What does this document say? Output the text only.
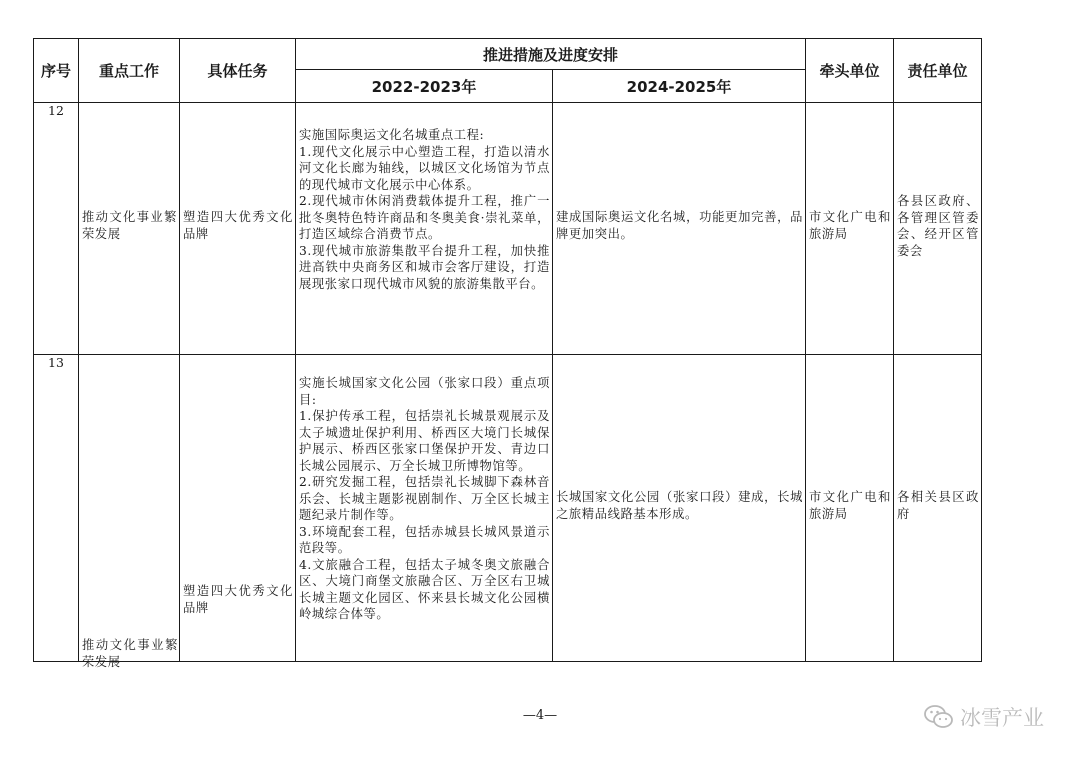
序号	重点工作	具体任务	推进措施及进度安排		牵头单位	责任单位
			2022-2023年	2024-2025年		
12	推动文化事业繁荣发展	塑造四大优秀文化品牌	实施国际奥运文化名城重点工程:
1.现代文化展示中心塑造工程，打造以清水河文化长廊为轴线，以城区文化场馆为节点的现代城市文化展示中心体系。
2.现代城市休闲消费载体提升工程，推广一批冬奥特色特许商品和冬奥美食·崇礼菜单，打造区域综合消费节点。
3.现代城市旅游集散平台提升工程，加快推进高铁中央商务区和城市会客厅建设，打造展现张家口现代城市风貌的旅游集散平台。	建成国际奥运文化名城，功能更加完善，品牌更加突出。	市文化广电和旅游局	各县区政府、各管理区管委会、经开区管委会

13	推动文化事业繁荣发展	塑造四大优秀文化品牌	实施长城国家文化公园（张家口段）重点项目:
1.保护传承工程，包括崇礼长城景观展示及太子城遗址保护利用、桥西区大境门长城保护展示、桥西区张家口堡保护开发、青边口长城公园展示、万全长城卫所博物馆等。
2.研究发掘工程，包括崇礼长城脚下森林音乐会、长城主题影视剧制作、万全区长城主题纪录片制作等。
3.环境配套工程，包括赤城县长城风景道示范段等。
4.文旅融合工程，包括太子城冬奥文旅融合区、大境门商堡文旅融合区、万全区右卫城长城主题文化园区、怀来县长城文化公园横岭城综合体等。	长城国家文化公园（张家口段）建成，长城之旅精品线路基本形成。	市文化广电和旅游局	各相关县区政府
—4—	冰雪产业
